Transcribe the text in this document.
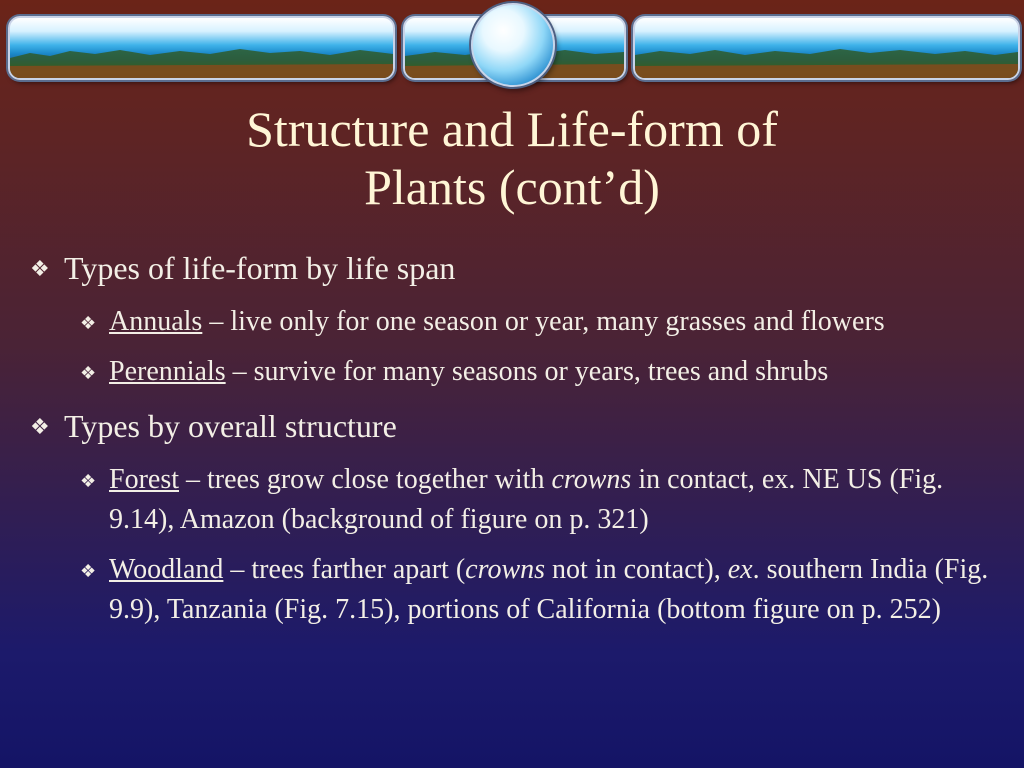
Structure and Life-form of
Plants (cont’d)
❖ Types of life-form by life span
❖ Annuals – live only for one season or year, many grasses and flowers
❖ Perennials – survive for many seasons or years, trees and shrubs
❖ Types by overall structure
❖ Forest – trees grow close together with crowns in contact, ex. NE US (Fig. 9.14), Amazon (background of figure on p. 321)
❖ Woodland – trees farther apart (crowns not in contact), ex. southern India (Fig. 9.9), Tanzania (Fig. 7.15), portions of California (bottom figure on p. 252)
